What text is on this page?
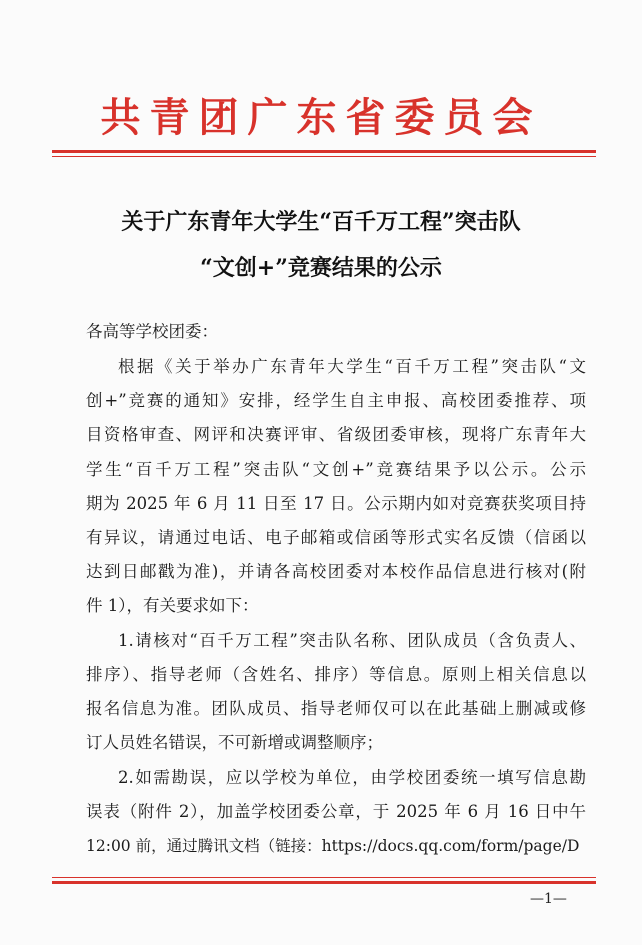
共青团广东省委员会
关于广东青年大学生“百千万工程”突击队
“文创+”竞赛结果的公示
各高等学校团委：
根据《关于举办广东青年大学生“百千万工程”突击队“文
创+”竞赛的通知》安排，经学生自主申报、高校团委推荐、项
目资格审查、网评和决赛评审、省级团委审核，现将广东青年大
学生“百千万工程”突击队“文创+”竞赛结果予以公示。公示
期为 2025 年 6 月 11 日至 17 日。公示期内如对竞赛获奖项目持
有异议，请通过电话、电子邮箱或信函等形式实名反馈（信函以
达到日邮戳为准)，并请各高校团委对本校作品信息进行核对(附
件 1），有关要求如下：
1.请核对“百千万工程”突击队名称、团队成员（含负责人、
排序）、指导老师（含姓名、排序）等信息。原则上相关信息以
报名信息为准。团队成员、指导老师仅可以在此基础上删减或修
订人员姓名错误，不可新增或调整顺序；
2.如需勘误，应以学校为单位，由学校团委统一填写信息勘
误表（附件 2），加盖学校团委公章，于 2025 年 6 月 16 日中午
12:00 前，通过腾讯文档（链接：https://docs.qq.com/form/page/D
—1—
